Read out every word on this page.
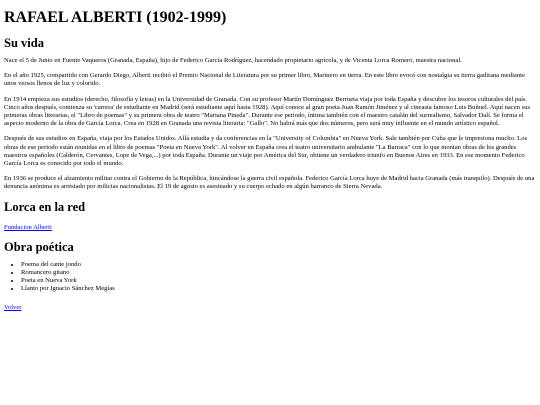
RAFAEL ALBERTI (1902-1999)
Su vida

Nace el 5 de Junio en Fuente Vaqueros (Granada, España), hijo de Federico García Rodríguez, hacendado propietario agrícola, y de Vicenta Lorca Romero, maestra nacional.

En el año 1925, compartido con Gerardo Diego, Alberti recibió el Premio Nacional de Literatura por su primer libro, Marinero en tierra. En este libro evocó con nostalgia su tierra gaditana mediante unos versos llenos de luz y colorido.

En 1914 empieza sus estudios (derecho, filosofía y letras) en la Universidad de Granada. Con su profesor Martín Domínguez Berrueta viaja por toda España y descubre los tesoros culturales del país. Cinco años después, comienza su 'carrera' de estudiante en Madrid (será estudiante aquí hasta 1928). Aquí conoce al gran poeta Juan Ramón Jiménez y al cineasta famoso Luis Buñuel. Aquí nacen sus primeras obras literarias, el "Libro de poemas" y su primera obra de teatro "Mariana Pineda". Durante ese periodo, íntima también con el maestro catalán del surrealismo, Salvador Dalí. Se forma el aspecto moderno de la obra de García Lorca. Crea en 1928 en Granada una revista literaria: "Gallo". No habrá más que dos números, pero será muy influente en el mundo artístico español.

Después de sus estudios en España, viaja por los Estados Unidos. Allá estudia y da conferencias en la "University of Columbia" en Nueva York. Sale también por Cuba que le impresiona mucho. Los obras de ese periodo están reunidas en el libro de poemas "Poeta en Nueva York". Al volver en España crea el teatro universitario ambulante "La Barraca" con lo que montan obras de los grandes maestros españoles (Calderón, Cervantes, Lope de Vega,...) por toda España. Durante un viaje por América del Sur, obtiene un verdadero triunfo en Buenos Aires en 1933. En ese momento Federico García Lorca es conocido por todo el mundo.

En 1936 se produce el alzamiento militar contra el Gobierno de la República, hincándose la guerra civil española. Federico García Lorca huye de Madrid hacia Granada (más tranquilo). Después de una denuncia anónima es arrestado por milicias nacionalistas. El 19 de agosto es asesinado y su cuerpo echado en algún barranco de Sierra Nevada.

Lorca en la red
Fundacion Alberti
Obra poética
• Poema del cante jondo
• Romancero gitano
• Poeta en Nueva York
• Llanto por Ignacio Sánchez Megías
Volver
